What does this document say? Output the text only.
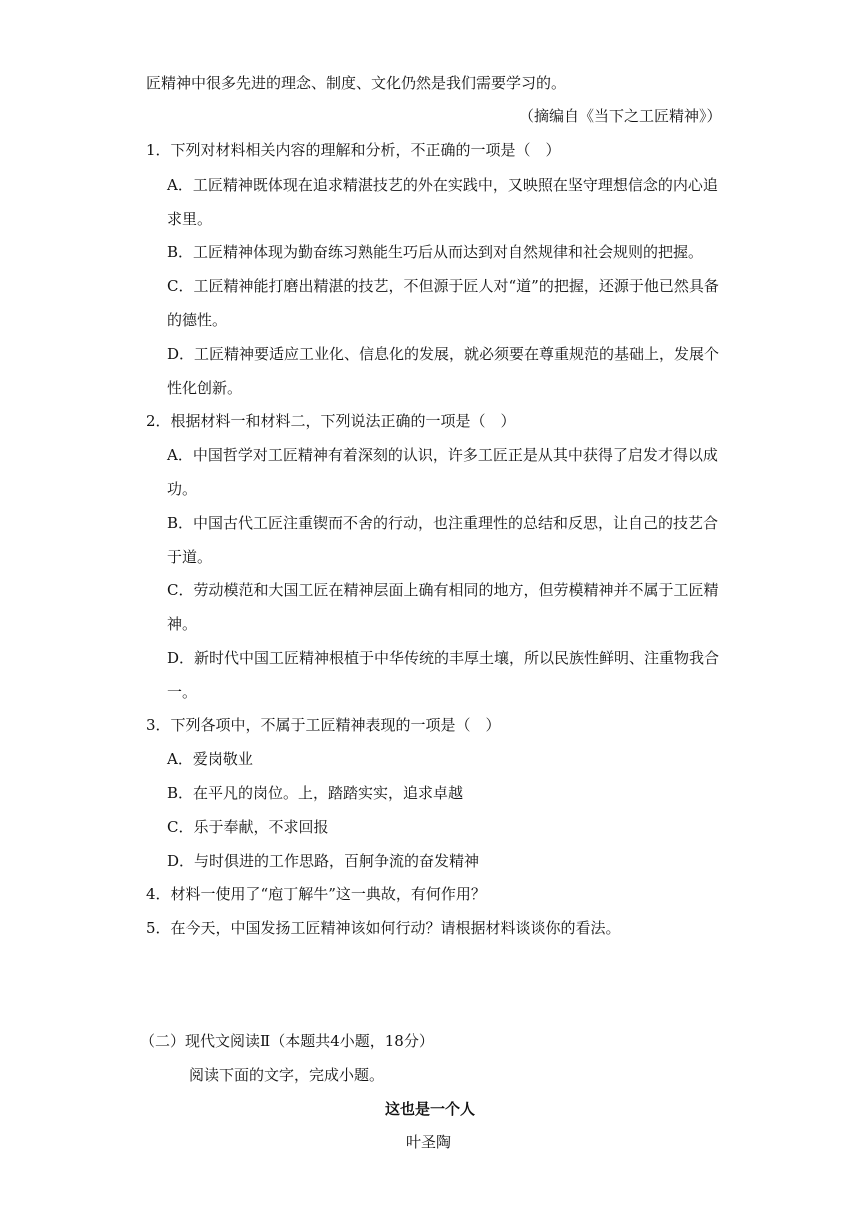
匠精神中很多先进的理念、制度、文化仍然是我们需要学习的。
（摘编自《当下之工匠精神》）
1．下列对材料相关内容的理解和分析，不正确的一项是（　）
A．工匠精神既体现在追求精湛技艺的外在实践中，又映照在坚守理想信念的内心追
求里。
B．工匠精神体现为勤奋练习熟能生巧后从而达到对自然规律和社会规则的把握。
C．工匠精神能打磨出精湛的技艺，不但源于匠人对“道”的把握，还源于他已然具备
的德性。
D．工匠精神要适应工业化、信息化的发展，就必须要在尊重规范的基础上，发展个
性化创新。
2．根据材料一和材料二，下列说法正确的一项是（　）
A．中国哲学对工匠精神有着深刻的认识，许多工匠正是从其中获得了启发才得以成
功。
B．中国古代工匠注重锲而不舍的行动，也注重理性的总结和反思，让自己的技艺合
于道。
C．劳动模范和大国工匠在精神层面上确有相同的地方，但劳模精神并不属于工匠精
神。
D．新时代中国工匠精神根植于中华传统的丰厚土壤，所以民族性鲜明、注重物我合
一。
3．下列各项中，不属于工匠精神表现的一项是（　）
A．爱岗敬业
B．在平凡的岗位。上，踏踏实实，追求卓越
C．乐于奉献，不求回报
D．与时俱进的工作思路，百舸争流的奋发精神
4．材料一使用了“庖丁解牛”这一典故，有何作用？
5．在今天，中国发扬工匠精神该如何行动？请根据材料谈谈你的看法。
（二）现代文阅读Ⅱ（本题共4小题，18分）
阅读下面的文字，完成小题。
这也是一个人
叶圣陶
